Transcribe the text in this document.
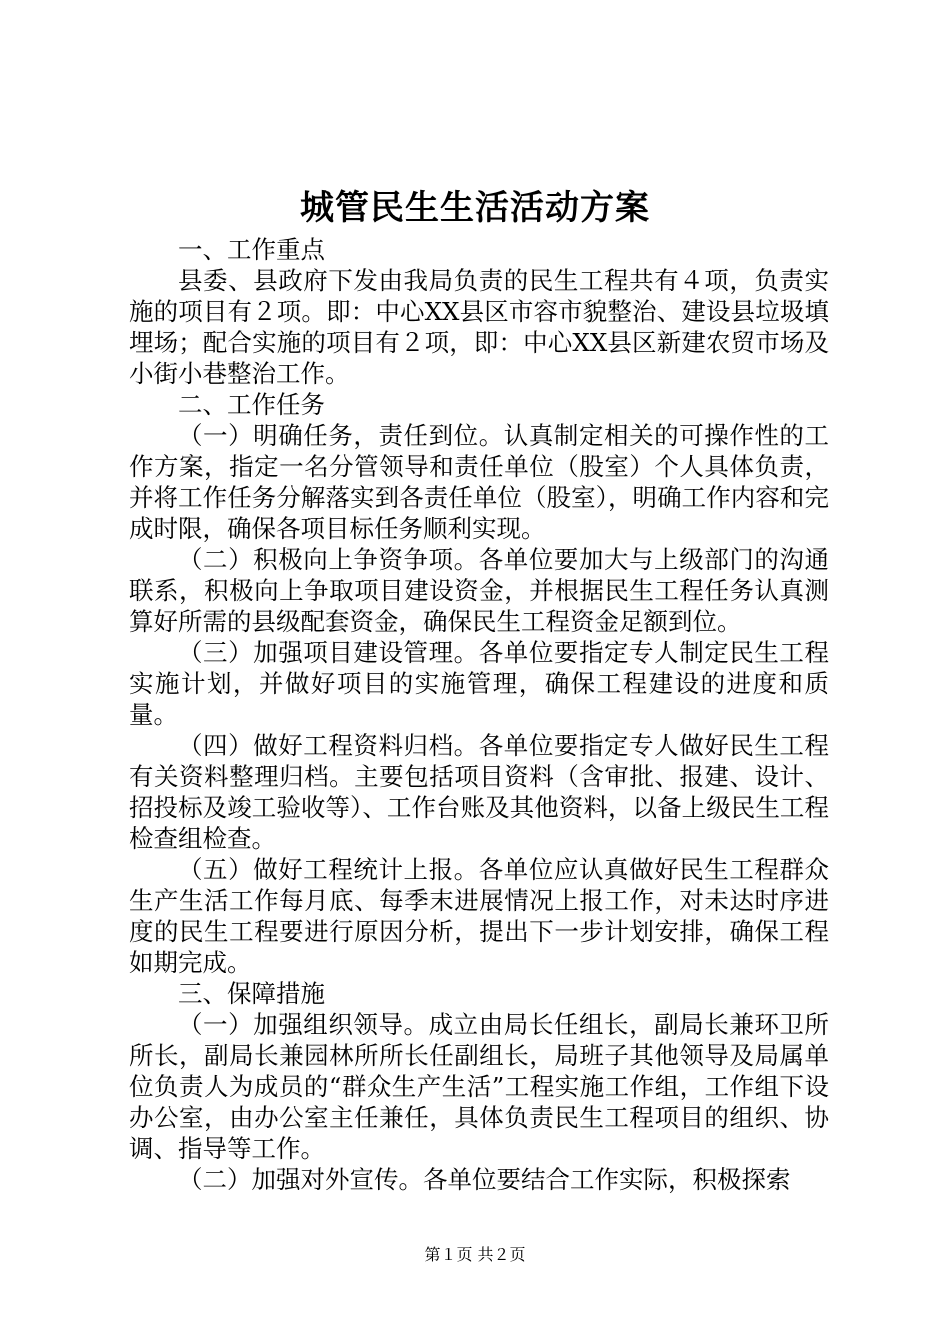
城管民生生活活动方案

一、工作重点

县委、县政府下发由我局负责的民生工程共有４项，负责实施的项目有２项。即：中心XX县区市容市貌整治、建设县垃圾填埋场；配合实施的项目有２项，即：中心XX县区新建农贸市场及小街小巷整治工作。

二、工作任务

（一）明确任务，责任到位。认真制定相关的可操作性的工作方案，指定一名分管领导和责任单位（股室）个人具体负责，并将工作任务分解落实到各责任单位（股室），明确工作内容和完成时限，确保各项目标任务顺利实现。

（二）积极向上争资争项。各单位要加大与上级部门的沟通联系，积极向上争取项目建设资金，并根据民生工程任务认真测算好所需的县级配套资金，确保民生工程资金足额到位。

（三）加强项目建设管理。各单位要指定专人制定民生工程实施计划，并做好项目的实施管理，确保工程建设的进度和质量。

（四）做好工程资料归档。各单位要指定专人做好民生工程有关资料整理归档。主要包括项目资料（含审批、报建、设计、招投标及竣工验收等）、工作台账及其他资料，以备上级民生工程检查组检查。

（五）做好工程统计上报。各单位应认真做好民生工程群众生产生活工作每月底、每季末进展情况上报工作，对未达时序进度的民生工程要进行原因分析，提出下一步计划安排，确保工程如期完成。

三、保障措施

（一）加强组织领导。成立由局长任组长，副局长兼环卫所所长，副局长兼园林所所长任副组长，局班子其他领导及局属单位负责人为成员的“群众生产生活”工程实施工作组，工作组下设办公室，由办公室主任兼任，具体负责民生工程项目的组织、协调、指导等工作。

（二）加强对外宣传。各单位要结合工作实际，积极探索

第１页 共２页
